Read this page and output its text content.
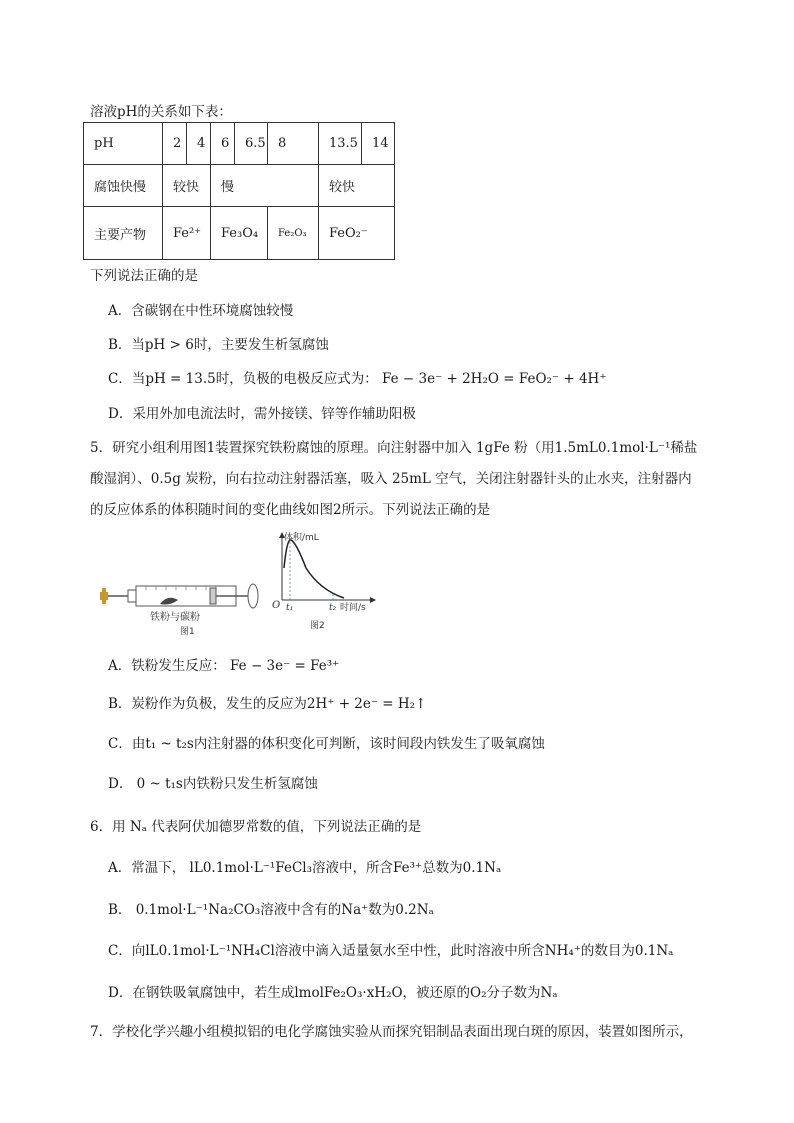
溶液pH的关系如下表：
pH	2	4	6	6.5	8	13.5	14
腐蚀快慢	较快		慢			较快	
主要产物	Fe²⁺		Fe₃O₄		Fe₂O₃	FeO₂⁻	
下列说法正确的是
A．含碳钢在中性环境腐蚀较慢
B．当pH > 6时，主要发生析氢腐蚀
C．当pH = 13.5时，负极的电极反应式为： Fe − 3e⁻ + 2H₂O = FeO₂⁻ + 4H⁺
D．采用外加电流法时，需外接镁、锌等作辅助阳极
5．研究小组利用图1装置探究铁粉腐蚀的原理。向注射器中加入 1gFe 粉（用1.5mL0.1mol·L⁻¹稀盐
酸湿润）、0.5g 炭粉，向右拉动注射器活塞，吸入 25mL 空气，关闭注射器针头的止水夹，注射器内
的反应体系的体积随时间的变化曲线如图2所示。下列说法正确的是
铁粉与碳粉
图1
体积/mL
O t₁	t₂ 时间/s
图2
A．铁粉发生反应： Fe − 3e⁻ = Fe³⁺
B．炭粉作为负极，发生的反应为2H⁺ + 2e⁻ = H₂↑
C．由t₁ ~ t₂s内注射器的体积变化可判断，该时间段内铁发生了吸氧腐蚀
D． 0 ~ t₁s内铁粉只发生析氢腐蚀
6．用 Nₐ 代表阿伏加德罗常数的值，下列说法正确的是
A．常温下， lL0.1mol·L⁻¹FeCl₃溶液中，所含Fe³⁺总数为0.1Nₐ
B． 0.1mol·L⁻¹Na₂CO₃溶液中含有的Na⁺数为0.2Nₐ
C．向lL0.1mol·L⁻¹NH₄Cl溶液中滴入适量氨水至中性，此时溶液中所含NH₄⁺的数目为0.1Nₐ
D．在钢铁吸氧腐蚀中，若生成lmolFe₂O₃·xH₂O，被还原的O₂分子数为Nₐ
7．学校化学兴趣小组模拟铝的电化学腐蚀实验从而探究铝制品表面出现白斑的原因，装置如图所示，
